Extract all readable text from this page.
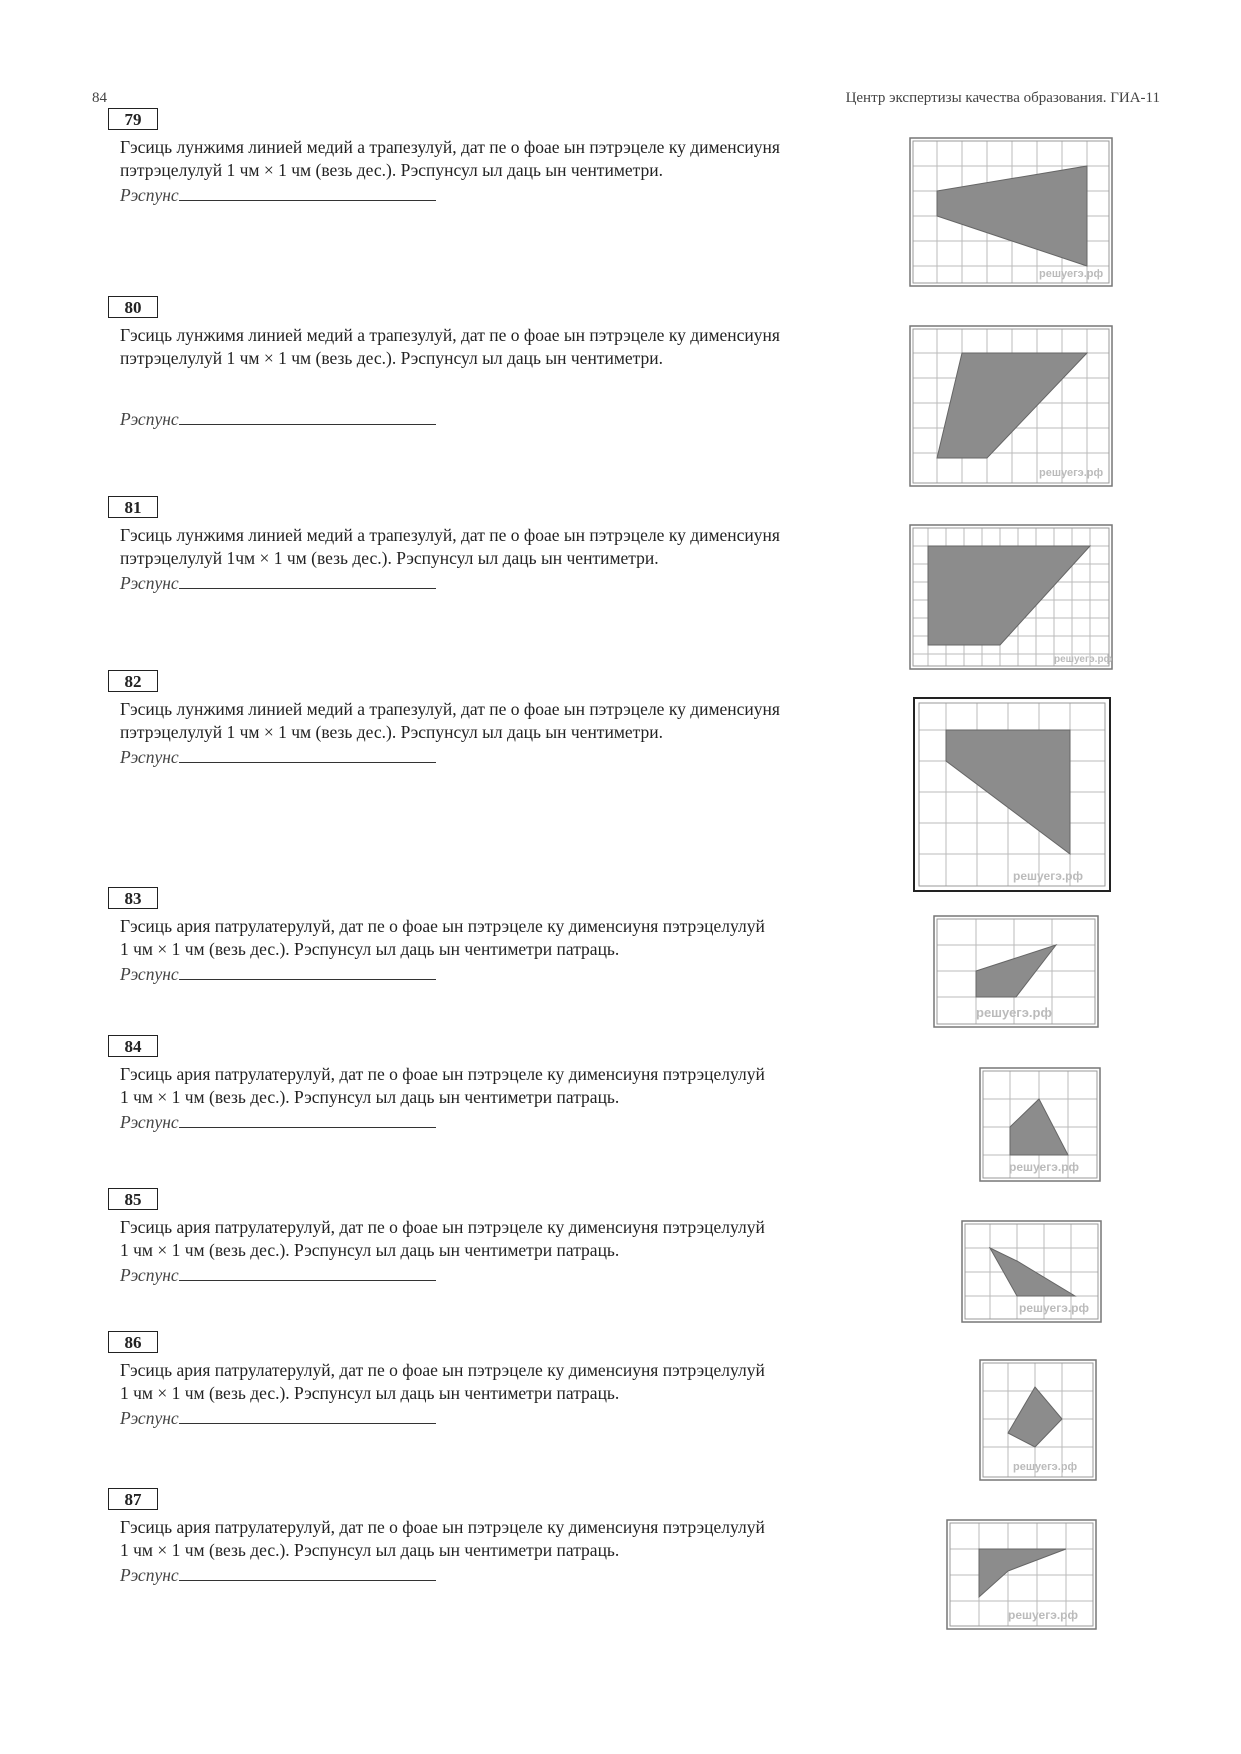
84	Центр экспертизы качества образования. ГИА-11
79
Гэсиць лунжимя линией медий а трапезулуй, дат пе о фоае ын пэтрэцеле ку дименсиуня
пэтрэцелулуй 1 чм × 1 чм (везь дес.). Рэспунсул ыл даць ын чентиметри.
Рэспунс
решуегэ.рф
80
Гэсиць лунжимя линией медий а трапезулуй, дат пе о фоае ын пэтрэцеле ку дименсиуня
пэтрэцелулуй 1 чм × 1 чм (везь дес.). Рэспунсул ыл даць ын чентиметри.
Рэспунс
решуегэ.рф
81
Гэсиць лунжимя линией медий а трапезулуй, дат пе о фоае ын пэтрэцеле ку дименсиуня
пэтрэцелулуй 1чм × 1 чм (везь дес.). Рэспунсул ыл даць ын чентиметри.
Рэспунс
решуегэ.рф
82
Гэсиць лунжимя линией медий а трапезулуй, дат пе о фоае ын пэтрэцеле ку дименсиуня
пэтрэцелулуй 1 чм × 1 чм (везь дес.). Рэспунсул ыл даць ын чентиметри.
Рэспунс
решуегэ.рф
83
Гэсиць ария патрулатерулуй, дат пе о фоае ын пэтрэцеле ку дименсиуня пэтрэцелулуй
1 чм × 1 чм (везь дес.). Рэспунсул ыл даць ын чентиметри патраць.
Рэспунс
решуегэ.рф
84
Гэсиць ария патрулатерулуй, дат пе о фоае ын пэтрэцеле ку дименсиуня пэтрэцелулуй
1 чм × 1 чм (везь дес.). Рэспунсул ыл даць ын чентиметри патраць.
Рэспунс
решуегэ.рф
85
Гэсиць ария патрулатерулуй, дат пе о фоае ын пэтрэцеле ку дименсиуня пэтрэцелулуй
1 чм × 1 чм (везь дес.). Рэспунсул ыл даць ын чентиметри патраць.
Рэспунс
решуегэ.рф
86
Гэсиць ария патрулатерулуй, дат пе о фоае ын пэтрэцеле ку дименсиуня пэтрэцелулуй
1 чм × 1 чм (везь дес.). Рэспунсул ыл даць ын чентиметри патраць.
Рэспунс
решуегэ.рф
87
Гэсиць ария патрулатерулуй, дат пе о фоае ын пэтрэцеле ку дименсиуня пэтрэцелулуй
1 чм × 1 чм (везь дес.). Рэспунсул ыл даць ын чентиметри патраць.
Рэспунс
решуегэ.рф
